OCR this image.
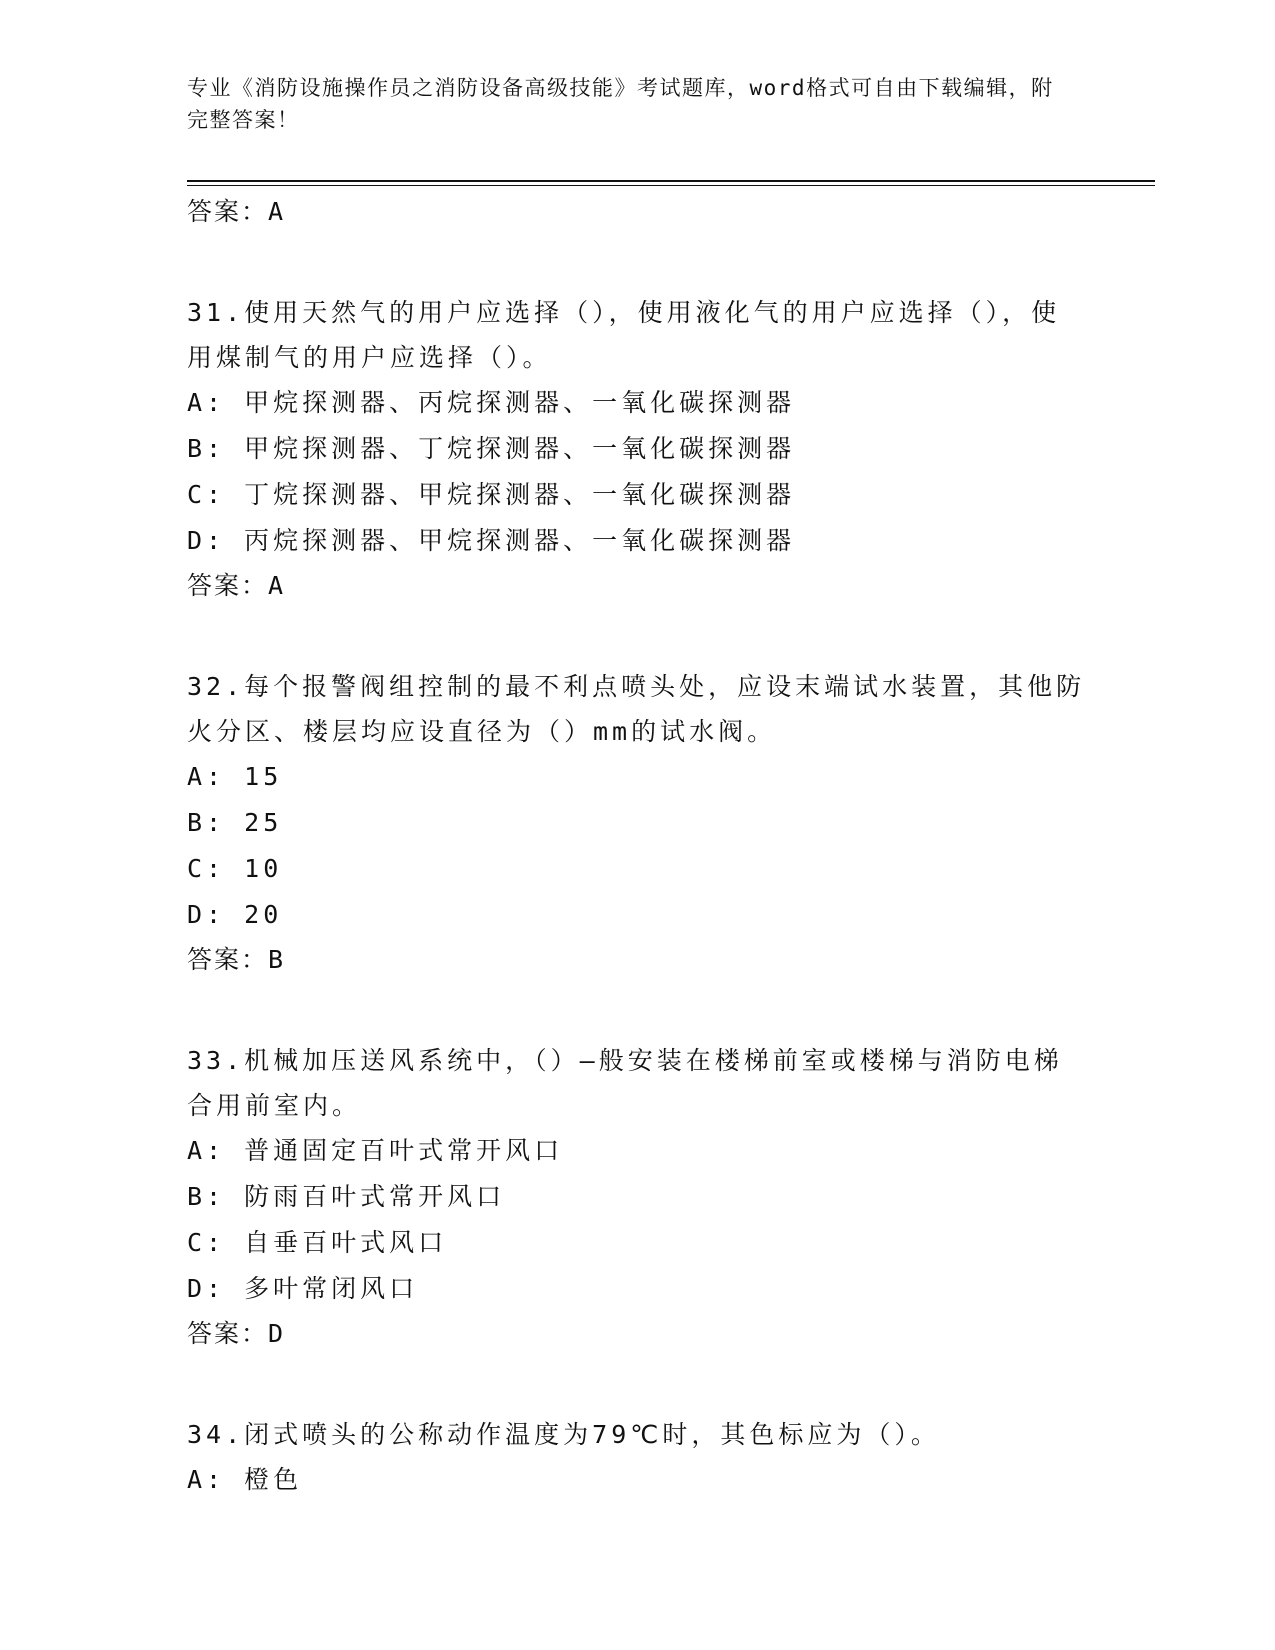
专业《消防设施操作员之消防设备高级技能》考试题库，word格式可自由下载编辑，附完整答案！
答案：A
31.使用天然气的用户应选择（），使用液化气的用户应选择（），使用煤制气的用户应选择（）。
A: 甲烷探测器、丙烷探测器、一氧化碳探测器
B: 甲烷探测器、丁烷探测器、一氧化碳探测器
C: 丁烷探测器、甲烷探测器、一氧化碳探测器
D: 丙烷探测器、甲烷探测器、一氧化碳探测器
答案：A
32.每个报警阀组控制的最不利点喷头处，应设末端试水装置，其他防火分区、楼层均应设直径为（）mm的试水阀。
A: 15
B: 25
C: 10
D: 20
答案：B
33.机械加压送风系统中，（）—般安装在楼梯前室或楼梯与消防电梯合用前室内。
A: 普通固定百叶式常开风口
B: 防雨百叶式常开风口
C: 自垂百叶式风口
D: 多叶常闭风口
答案：D
34.闭式喷头的公称动作温度为79℃时，其色标应为（）。
A: 橙色
